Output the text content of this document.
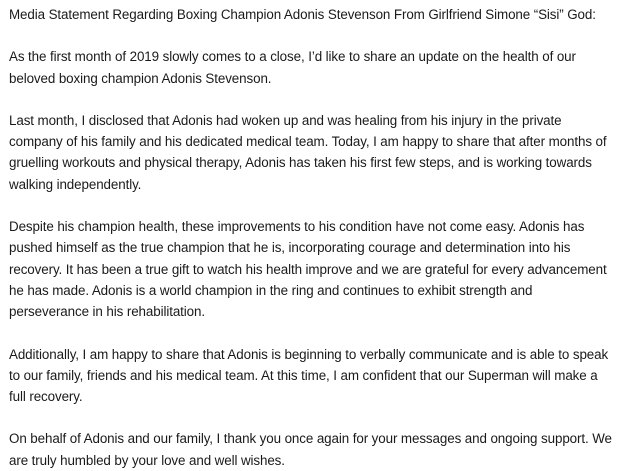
Media Statement Regarding Boxing Champion Adonis Stevenson From Girlfriend Simone “Sisi” God:
As the first month of 2019 slowly comes to a close, I’d like to share an update on the health of our beloved boxing champion Adonis Stevenson.
Last month, I disclosed that Adonis had woken up and was healing from his injury in the private company of his family and his dedicated medical team. Today, I am happy to share that after months of gruelling workouts and physical therapy, Adonis has taken his first few steps, and is working towards walking independently.
Despite his champion health, these improvements to his condition have not come easy. Adonis has pushed himself as the true champion that he is, incorporating courage and determination into his recovery. It has been a true gift to watch his health improve and we are grateful for every advancement he has made. Adonis is a world champion in the ring and continues to exhibit strength and perseverance in his rehabilitation.
Additionally, I am happy to share that Adonis is beginning to verbally communicate and is able to speak to our family, friends and his medical team. At this time, I am confident that our Superman will make a full recovery.
On behalf of Adonis and our family, I thank you once again for your messages and ongoing support. We are truly humbled by your love and well wishes.
